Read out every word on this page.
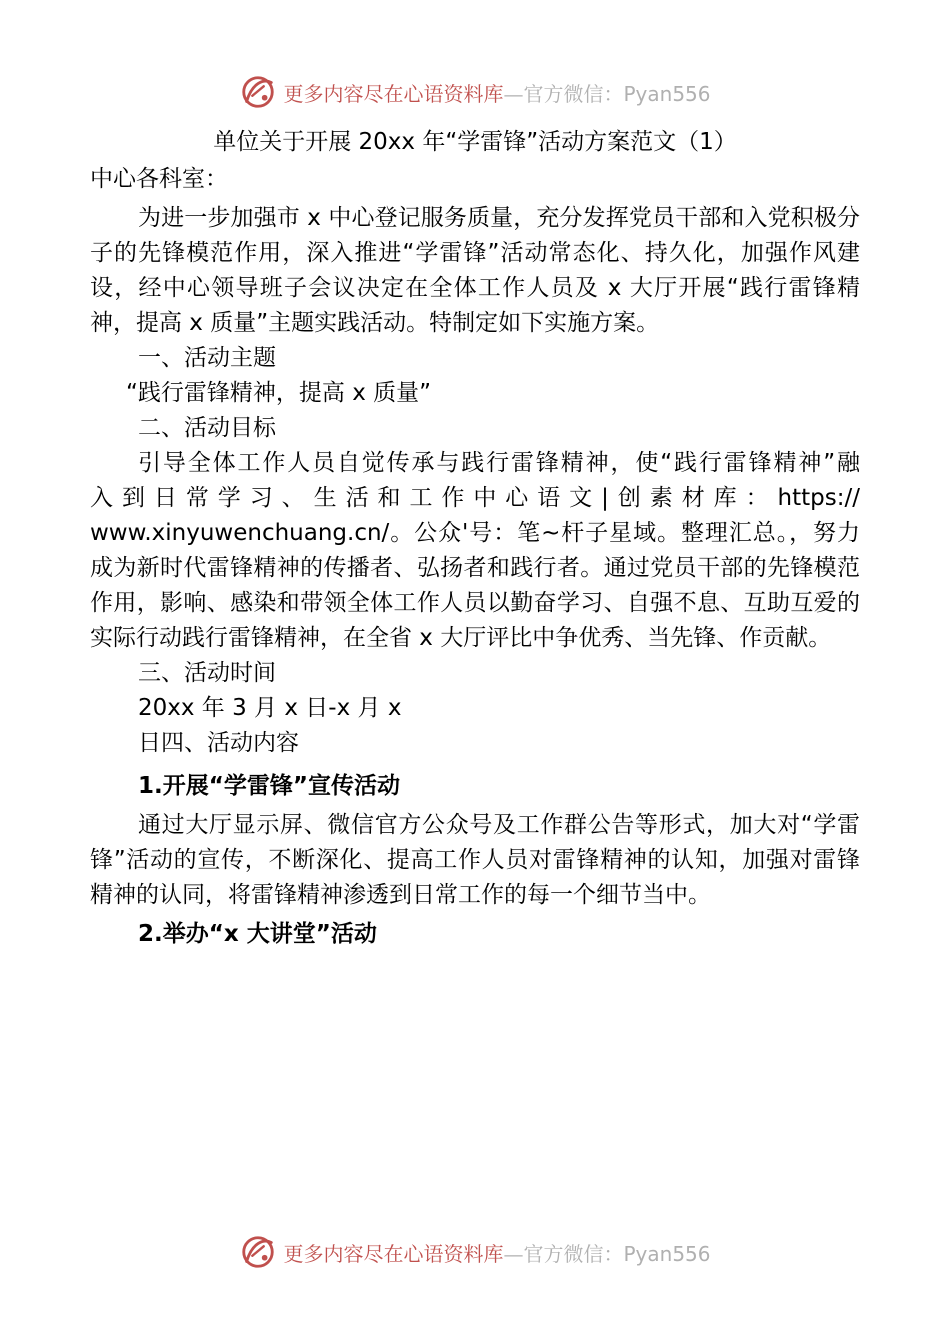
更多内容尽在心语资料库—官方微信：Pyan556

单位关于开展 20xx 年“学雷锋”活动方案范文（1）

中心各科室：

为进一步加强市 x 中心登记服务质量，充分发挥党员干部和入党积极分子的先锋模范作用，深入推进“学雷锋”活动常态化、持久化，加强作风建设，经中心领导班子会议决定在全体工作人员及 x 大厅开展“践行雷锋精神，提高 x 质量”主题实践活动。特制定如下实施方案。

一、活动主题

“践行雷锋精神，提高 x 质量”

二、活动目标

引导全体工作人员自觉传承与践行雷锋精神，使“践行雷锋精神”融

入到日常学习、生活和工作中心语文|创素材库：https://

www.xinyuwenchuang.cn/。公众'号：笔~杆子星域。整理汇总。，努力成为新时代雷锋精神的传播者、弘扬者和践行者。通过党员干部的先锋模范作用，影响、感染和带领全体工作人员以勤奋学习、自强不息、互助互爱的实际行动践行雷锋精神，在全省 x 大厅评比中争优秀、当先锋、作贡献。

三、活动时间

20xx 年 3 月 x 日-x 月 x

日四、活动内容

1.开展“学雷锋”宣传活动

通过大厅显示屏、微信官方公众号及工作群公告等形式，加大对“学雷锋”活动的宣传，不断深化、提高工作人员对雷锋精神的认知，加强对雷锋精神的认同，将雷锋精神渗透到日常工作的每一个细节当中。

2.举办“x 大讲堂”活动

更多内容尽在心语资料库—官方微信：Pyan556
